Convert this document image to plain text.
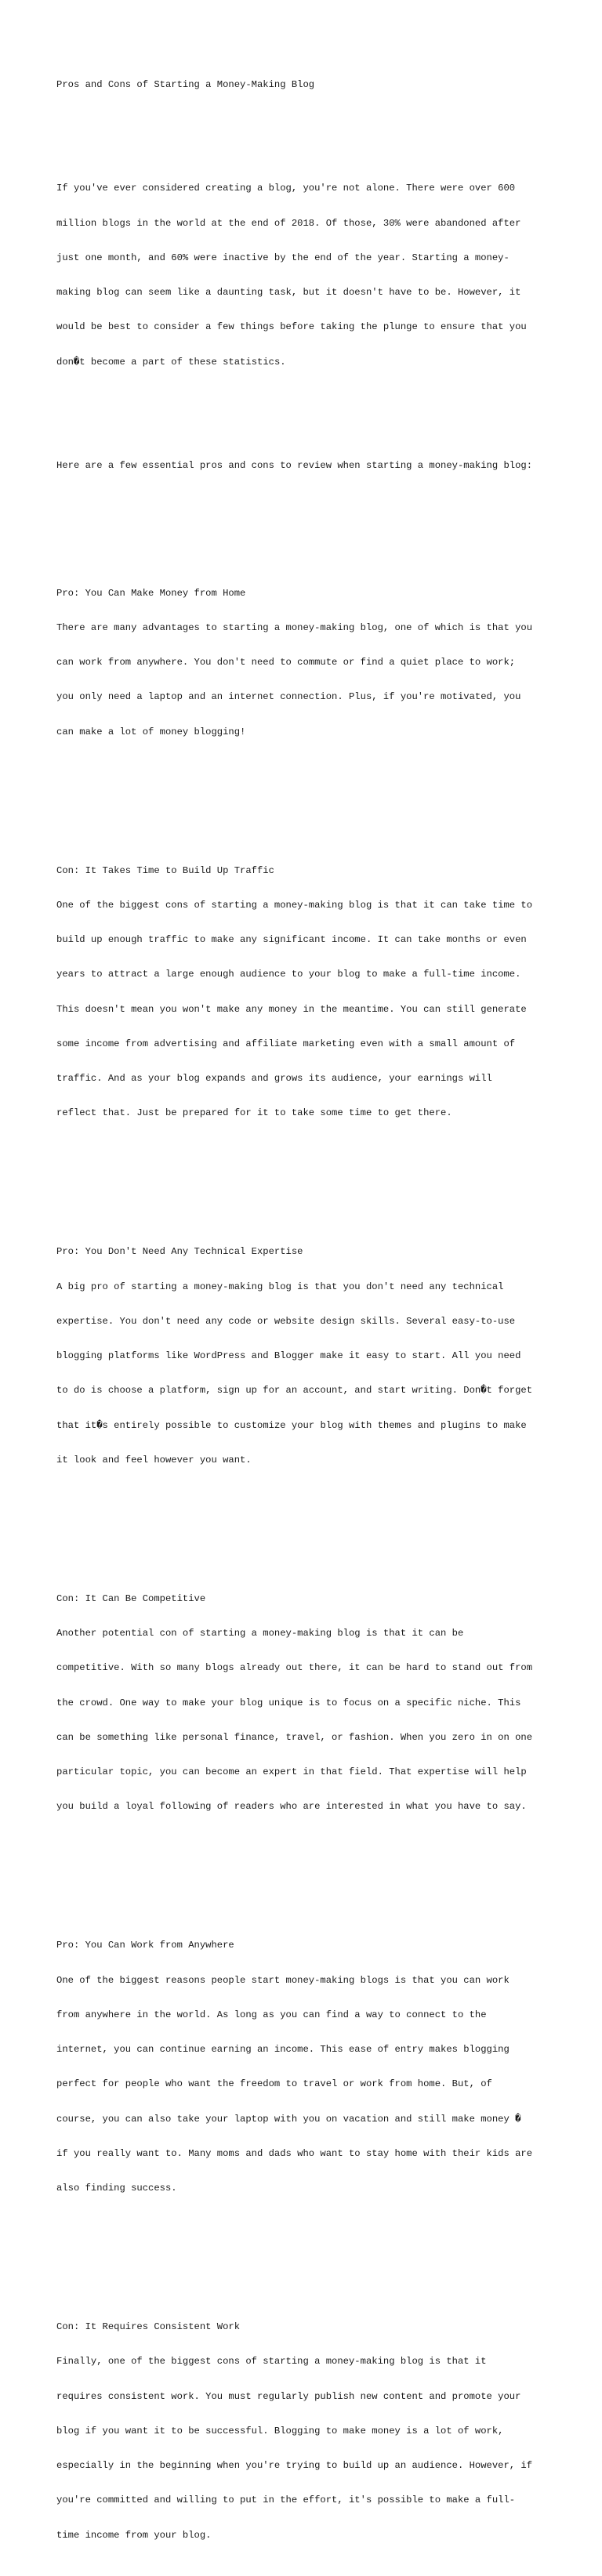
Pros and Cons of Starting a Money-Making Blog

If you've ever considered creating a blog, you're not alone. There were over 600

million blogs in the world at the end of 2018. Of those, 30% were abandoned after

just one month, and 60% were inactive by the end of the year. Starting a money-

making blog can seem like a daunting task, but it doesn't have to be. However, it

would be best to consider a few things before taking the plunge to ensure that you

don�t become a part of these statistics.

Here are a few essential pros and cons to review when starting a money-making blog:

Pro: You Can Make Money from Home

There are many advantages to starting a money-making blog, one of which is that you

can work from anywhere. You don't need to commute or find a quiet place to work;

you only need a laptop and an internet connection. Plus, if you're motivated, you

can make a lot of money blogging!

Con: It Takes Time to Build Up Traffic

One of the biggest cons of starting a money-making blog is that it can take time to

build up enough traffic to make any significant income. It can take months or even

years to attract a large enough audience to your blog to make a full-time income.

This doesn't mean you won't make any money in the meantime. You can still generate

some income from advertising and affiliate marketing even with a small amount of

traffic. And as your blog expands and grows its audience, your earnings will

reflect that. Just be prepared for it to take some time to get there.

Pro: You Don't Need Any Technical Expertise

A big pro of starting a money-making blog is that you don't need any technical

expertise. You don't need any code or website design skills. Several easy-to-use

blogging platforms like WordPress and Blogger make it easy to start. All you need

to do is choose a platform, sign up for an account, and start writing. Don�t forget

that it�s entirely possible to customize your blog with themes and plugins to make

it look and feel however you want.

Con: It Can Be Competitive

Another potential con of starting a money-making blog is that it can be

competitive. With so many blogs already out there, it can be hard to stand out from

the crowd. One way to make your blog unique is to focus on a specific niche. This

can be something like personal finance, travel, or fashion. When you zero in on one

particular topic, you can become an expert in that field. That expertise will help

you build a loyal following of readers who are interested in what you have to say.

Pro: You Can Work from Anywhere

One of the biggest reasons people start money-making blogs is that you can work

from anywhere in the world. As long as you can find a way to connect to the

internet, you can continue earning an income. This ease of entry makes blogging

perfect for people who want the freedom to travel or work from home. But, of

course, you can also take your laptop with you on vacation and still make money �

if you really want to. Many moms and dads who want to stay home with their kids are

also finding success.

Con: It Requires Consistent Work

Finally, one of the biggest cons of starting a money-making blog is that it

requires consistent work. You must regularly publish new content and promote your

blog if you want it to be successful. Blogging to make money is a lot of work,

especially in the beginning when you're trying to build up an audience. However, if

you're committed and willing to put in the effort, it's possible to make a full-

time income from your blog.
